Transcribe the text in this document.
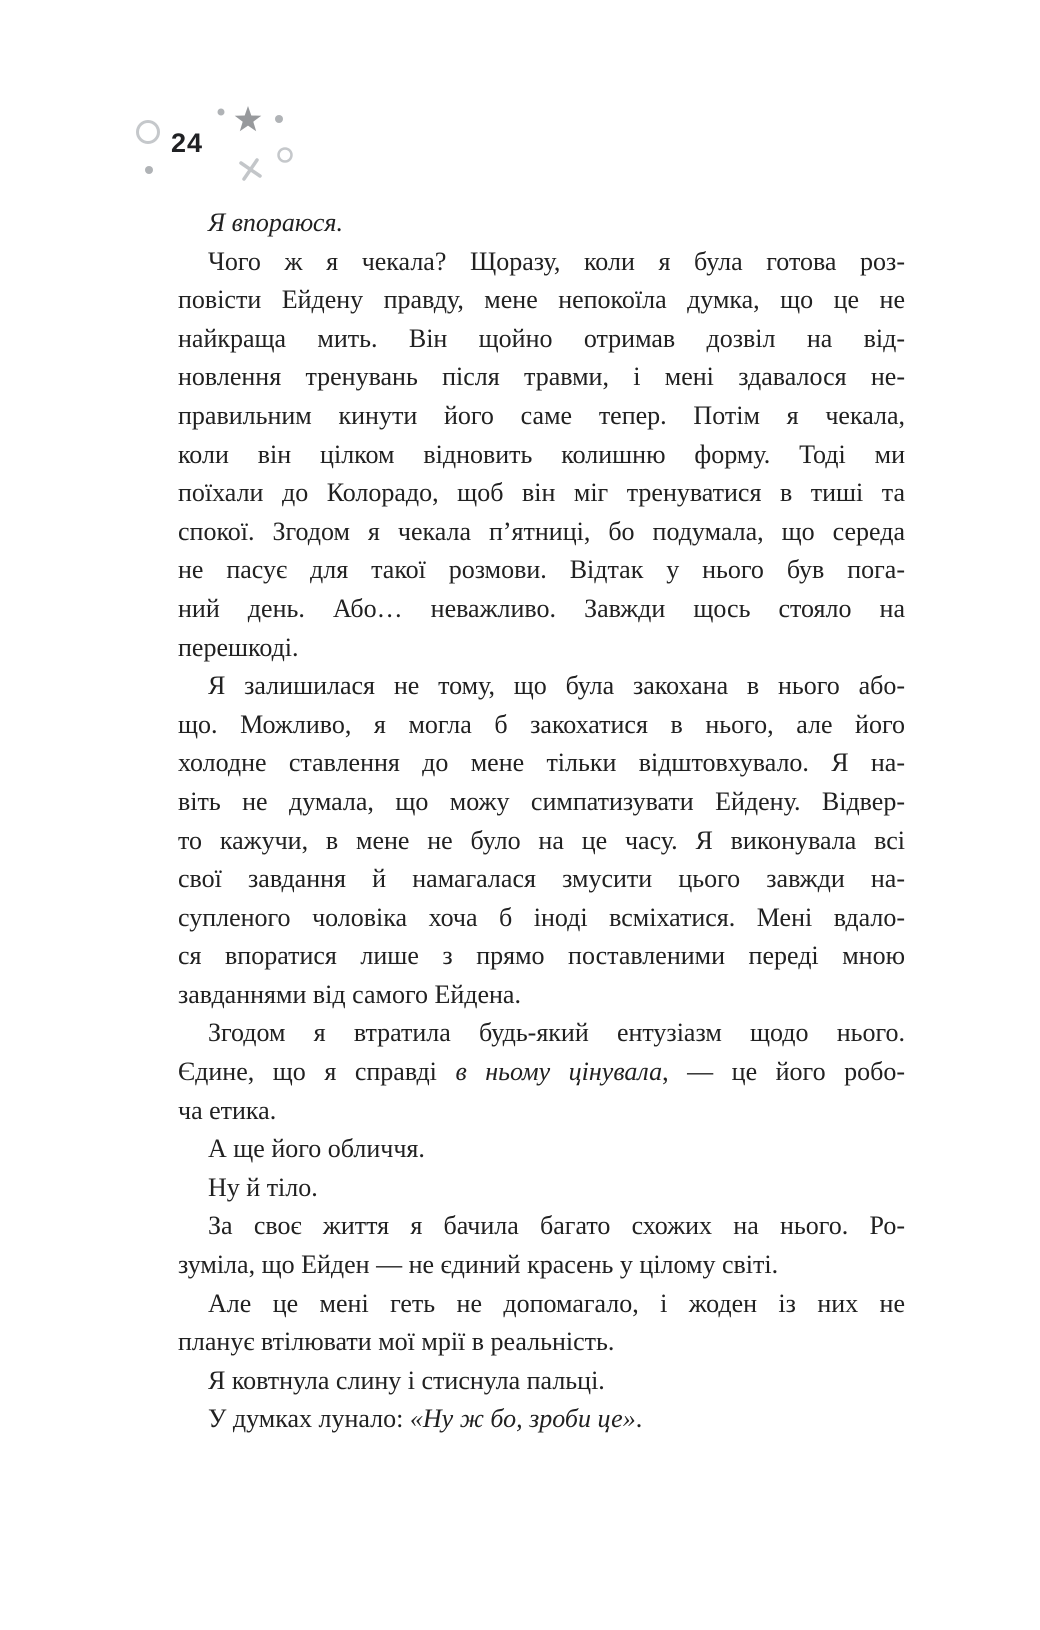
24
Я впораюся.
Чого ж я чекала? Щоразу, коли я була готова роз-
повісти Ейдену правду, мене непокоїла думка, що це не
найкраща мить. Він щойно отримав дозвіл на від-
новлення тренувань після травми, і мені здавалося не-
правильним кинути його саме тепер. Потім я чекала,
коли він цілком відновить колишню форму. Тоді ми
поїхали до Колорадо, щоб він міг тренуватися в тиші та
спокої. Згодом я чекала п’ятниці, бо подумала, що середа
не пасує для такої розмови. Відтак у нього був пога-
ний день. Або… неважливо. Завжди щось стояло на
перешкоді.
Я залишилася не тому, що була закохана в нього або-
що. Можливо, я могла б закохатися в нього, але його
холодне ставлення до мене тільки відштовхувало. Я на-
віть не думала, що можу симпатизувати Ейдену. Відвер-
то кажучи, в мене не було на це часу. Я виконувала всі
свої завдання й намагалася змусити цього завжди на-
супленого чоловіка хоча б іноді всміхатися. Мені вдало-
ся впоратися лише з прямо поставленими переді мною
завданнями від самого Ейдена.
Згодом я втратила будь-який ентузіазм щодо нього.
Єдине, що я справді в ньому цінувала, — це його робо-
ча етика.
А ще його обличчя.
Ну й тіло.
За своє життя я бачила багато схожих на нього. Ро-
зуміла, що Ейден — не єдиний красень у цілому світі.
Але це мені геть не допомагало, і жоден із них не
планує втілювати мої мрії в реальність.
Я ковтнула слину і стиснула пальці.
У думках лунало: «Ну ж бо, зроби це».
